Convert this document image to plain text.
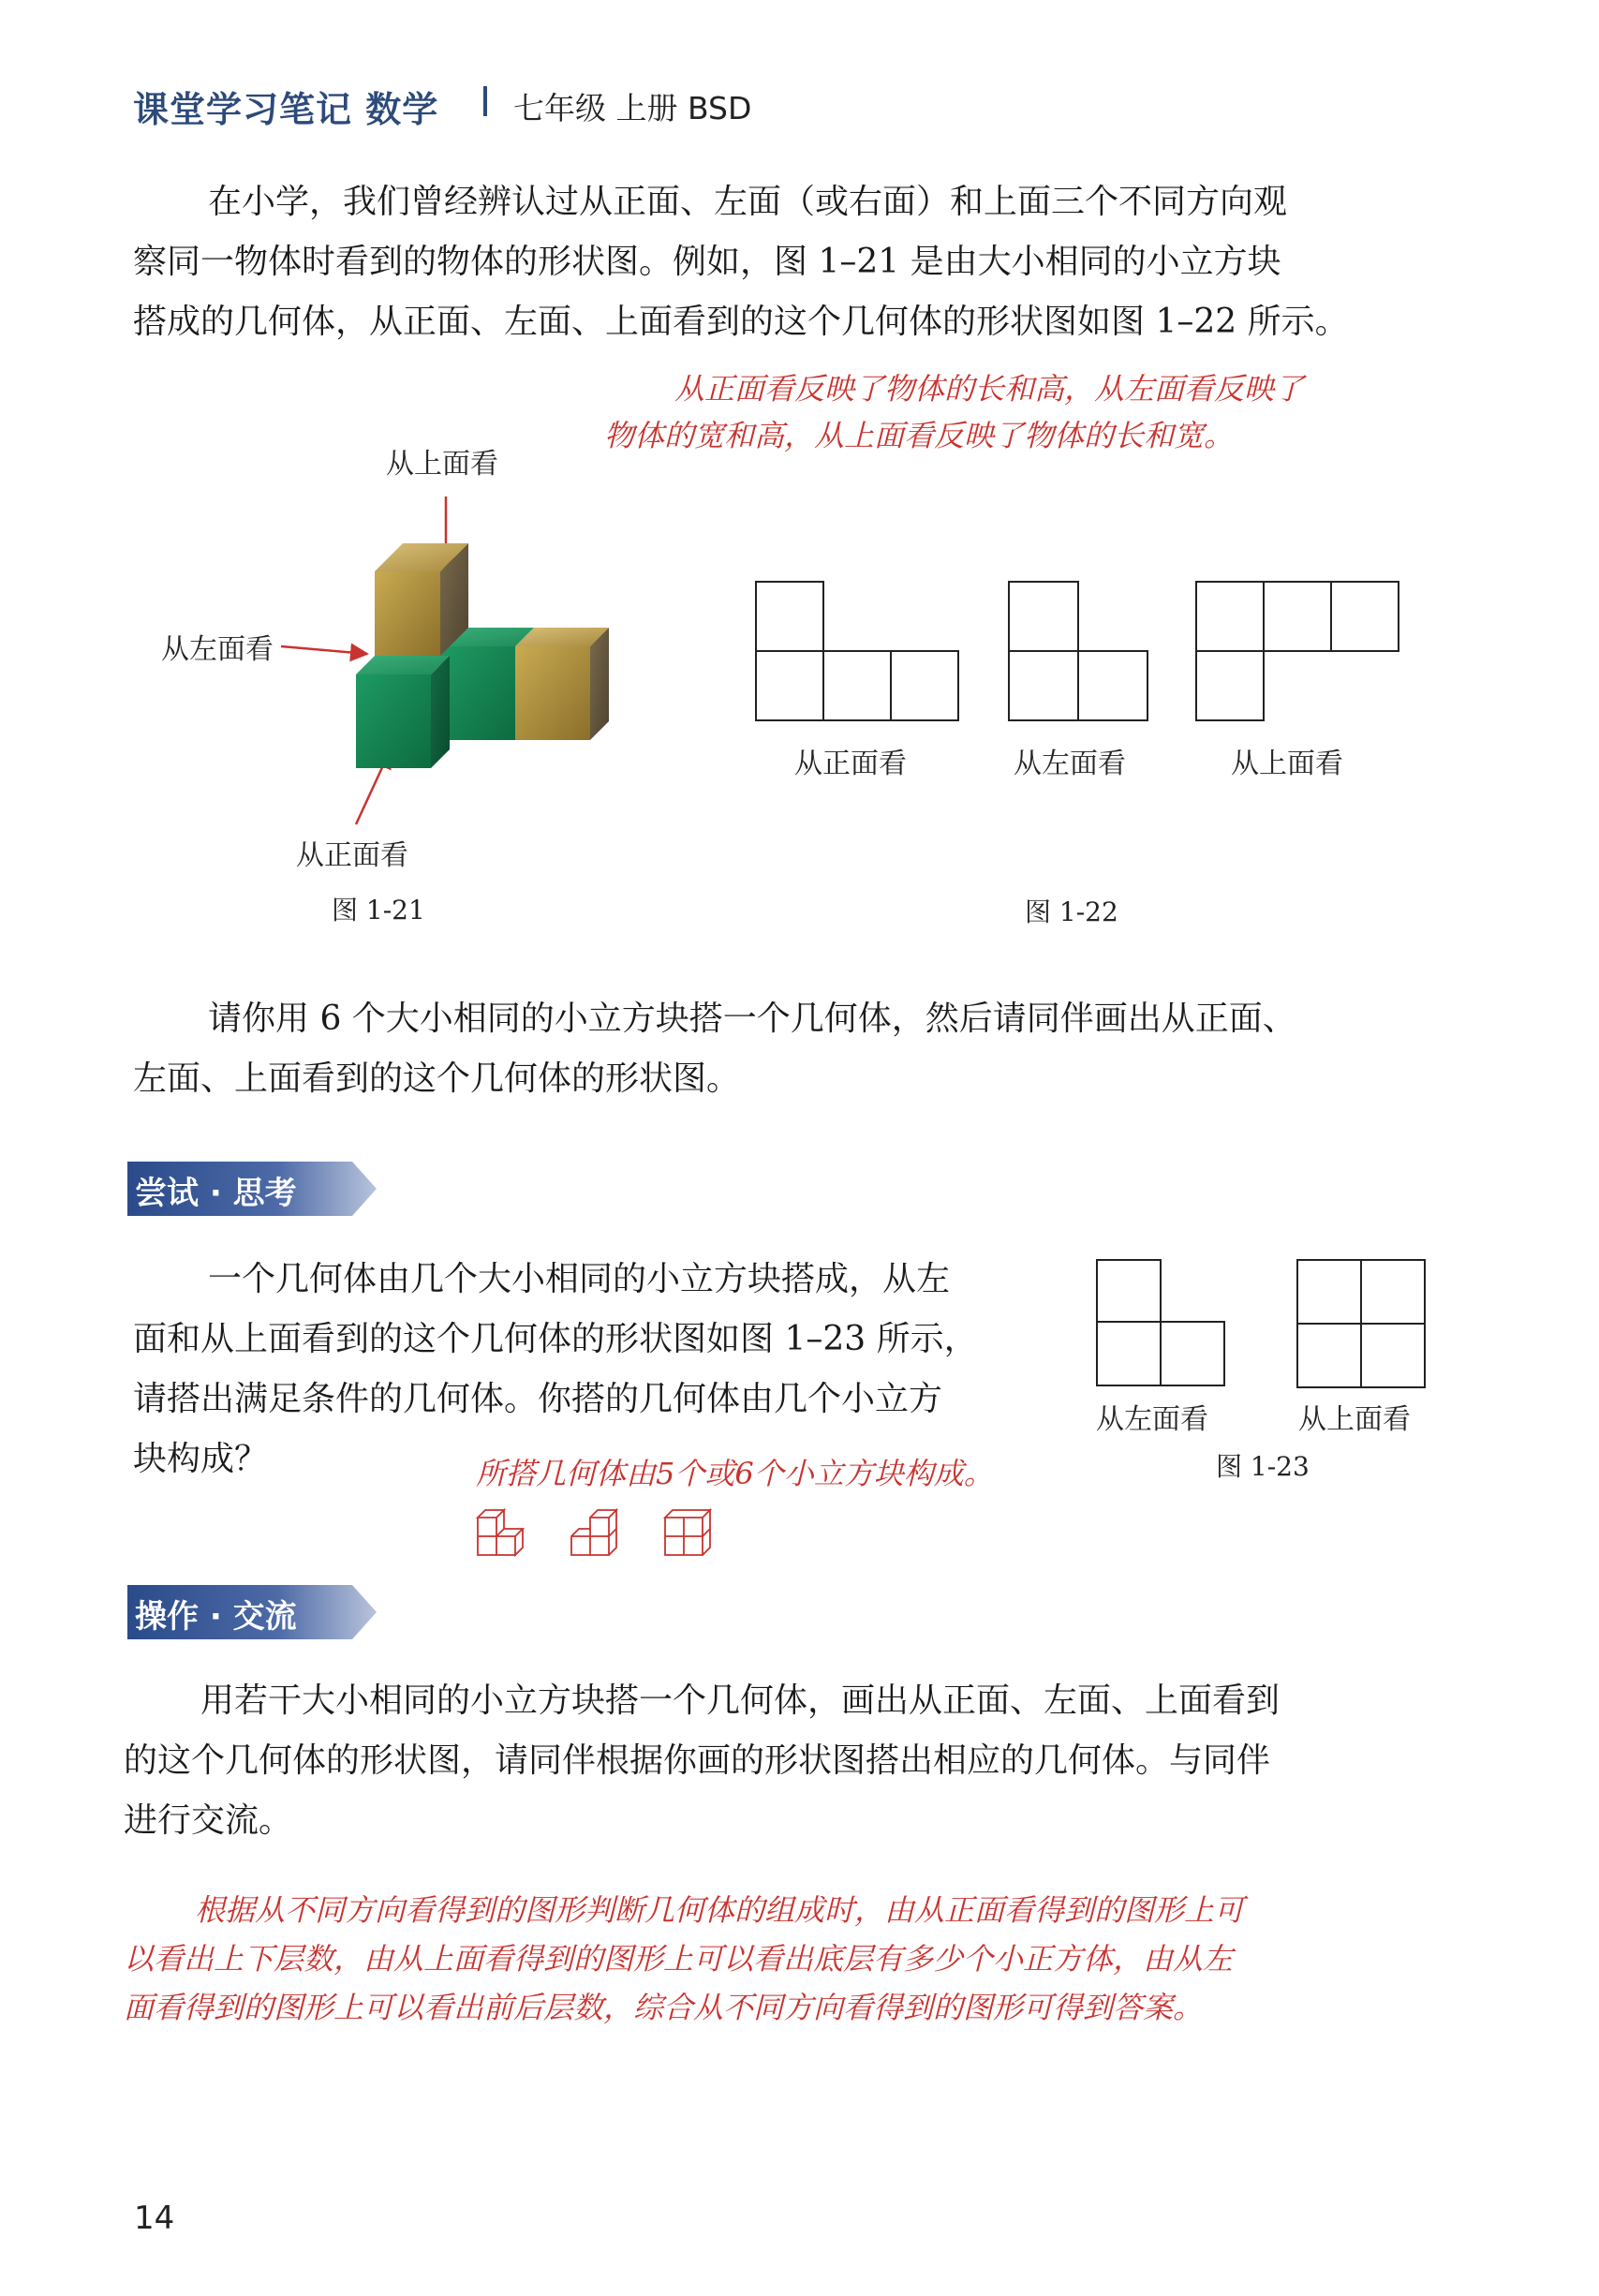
课堂学习笔记 数学 七年级 上册 BSD
在小学，我们曾经辨认过从正面、左面（或右面）和上面三个不同方向观
察同一物体时看到的物体的形状图。例如，图 1–21 是由大小相同的小立方块
搭成的几何体，从正面、左面、上面看到的这个几何体的形状图如图 1–22 所示。
从正面看反映了物体的长和高，从左面看反映了
物体的宽和高，从上面看反映了物体的长和宽。
从上面看
从左面看
从正面看
图 1-21
从正面看	从左面看	从上面看
图 1-22
请你用 6 个大小相同的小立方块搭一个几何体，然后请同伴画出从正面、
左面、上面看到的这个几何体的形状图。
尝试 · 思考
一个几何体由几个大小相同的小立方块搭成，从左
面和从上面看到的这个几何体的形状图如图 1–23 所示，
请搭出满足条件的几何体。你搭的几何体由几个小立方
块构成？	所搭几何体由5个或6个小立方块构成。
从左面看	从上面看
图 1-23
操作 · 交流
用若干大小相同的小立方块搭一个几何体，画出从正面、左面、上面看到
的这个几何体的形状图，请同伴根据你画的形状图搭出相应的几何体。与同伴
进行交流。
根据从不同方向看得到的图形判断几何体的组成时，由从正面看得到的图形上可
以看出上下层数，由从上面看得到的图形上可以看出底层有多少个小正方体，由从左
面看得到的图形上可以看出前后层数，综合从不同方向看得到的图形可得到答案。
14
